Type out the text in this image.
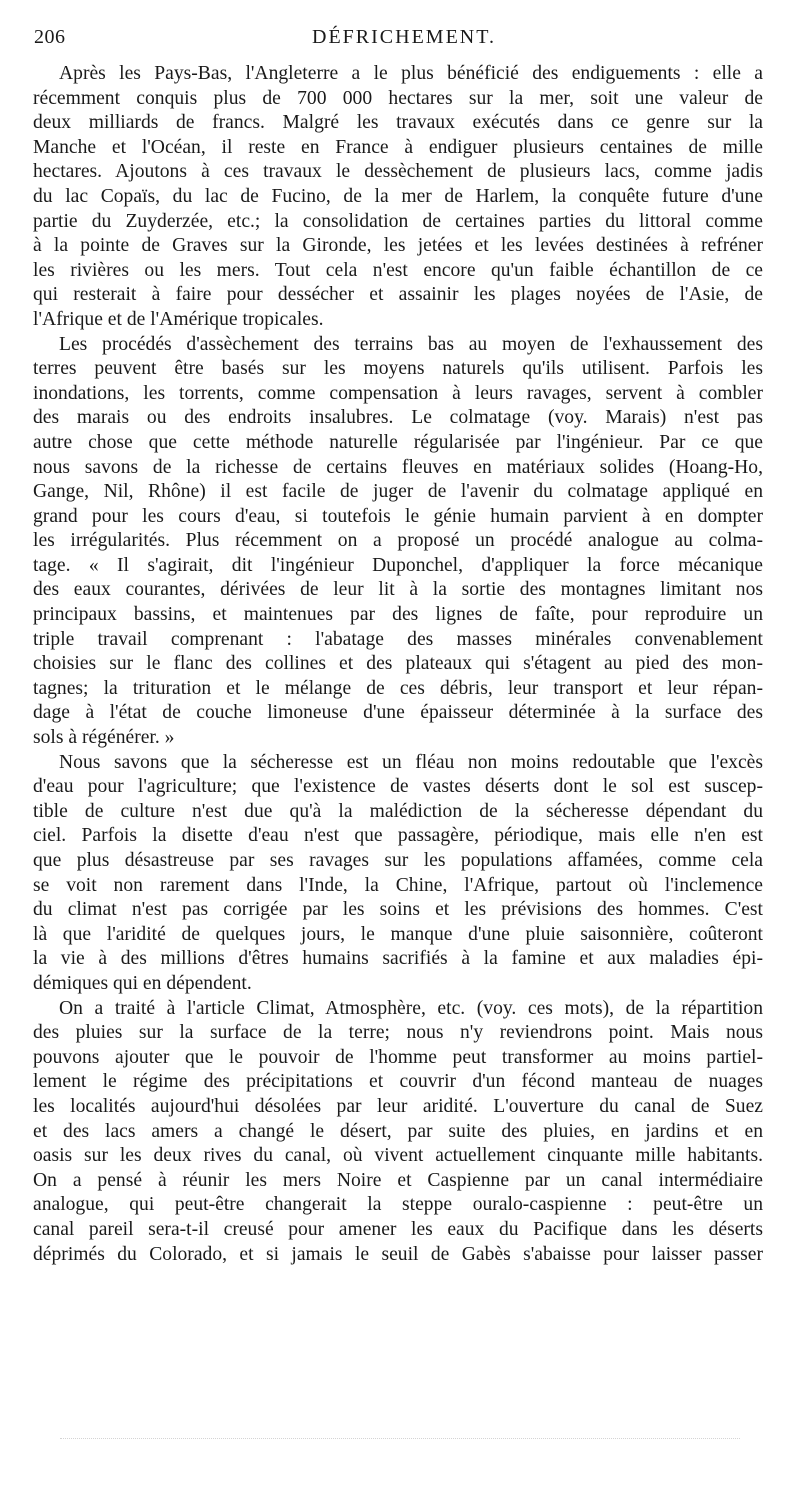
206	DÉFRICHEMENT.
Après les Pays-Bas, l'Angleterre a le plus bénéficié des endiguements : elle a
récemment conquis plus de 700 000 hectares sur la mer, soit une valeur de
deux milliards de francs. Malgré les travaux exécutés dans ce genre sur la
Manche et l'Océan, il reste en France à endiguer plusieurs centaines de mille
hectares. Ajoutons à ces travaux le dessèchement de plusieurs lacs, comme jadis
du lac Copaïs, du lac de Fucino, de la mer de Harlem, la conquête future d'une
partie du Zuyderzée, etc.; la consolidation de certaines parties du littoral comme
à la pointe de Graves sur la Gironde, les jetées et les levées destinées à refréner
les rivières ou les mers. Tout cela n'est encore qu'un faible échantillon de ce
qui resterait à faire pour dessécher et assainir les plages noyées de l'Asie, de
l'Afrique et de l'Amérique tropicales.
Les procédés d'assèchement des terrains bas au moyen de l'exhaussement des
terres peuvent être basés sur les moyens naturels qu'ils utilisent. Parfois les
inondations, les torrents, comme compensation à leurs ravages, servent à combler
des marais ou des endroits insalubres. Le colmatage (voy. Marais) n'est pas
autre chose que cette méthode naturelle régularisée par l'ingénieur. Par ce que
nous savons de la richesse de certains fleuves en matériaux solides (Hoang-Ho,
Gange, Nil, Rhône) il est facile de juger de l'avenir du colmatage appliqué en
grand pour les cours d'eau, si toutefois le génie humain parvient à en dompter
les irrégularités. Plus récemment on a proposé un procédé analogue au colma-
tage. « Il s'agirait, dit l'ingénieur Duponchel, d'appliquer la force mécanique
des eaux courantes, dérivées de leur lit à la sortie des montagnes limitant nos
principaux bassins, et maintenues par des lignes de faîte, pour reproduire un
triple travail comprenant : l'abatage des masses minérales convenablement
choisies sur le flanc des collines et des plateaux qui s'étagent au pied des mon-
tagnes; la trituration et le mélange de ces débris, leur transport et leur répan-
dage à l'état de couche limoneuse d'une épaisseur déterminée à la surface des
sols à régénérer. »
Nous savons que la sécheresse est un fléau non moins redoutable que l'excès
d'eau pour l'agriculture; que l'existence de vastes déserts dont le sol est suscep-
tible de culture n'est due qu'à la malédiction de la sécheresse dépendant du
ciel. Parfois la disette d'eau n'est que passagère, périodique, mais elle n'en est
que plus désastreuse par ses ravages sur les populations affamées, comme cela
se voit non rarement dans l'Inde, la Chine, l'Afrique, partout où l'inclemence
du climat n'est pas corrigée par les soins et les prévisions des hommes. C'est
là que l'aridité de quelques jours, le manque d'une pluie saisonnière, coûteront
la vie à des millions d'êtres humains sacrifiés à la famine et aux maladies épi-
démiques qui en dépendent.
On a traité à l'article Climat, Atmosphère, etc. (voy. ces mots), de la répartition
des pluies sur la surface de la terre; nous n'y reviendrons point. Mais nous
pouvons ajouter que le pouvoir de l'homme peut transformer au moins partiel-
lement le régime des précipitations et couvrir d'un fécond manteau de nuages
les localités aujourd'hui désolées par leur aridité. L'ouverture du canal de Suez
et des lacs amers a changé le désert, par suite des pluies, en jardins et en
oasis sur les deux rives du canal, où vivent actuellement cinquante mille habitants.
On a pensé à réunir les mers Noire et Caspienne par un canal intermédiaire
analogue, qui peut-être changerait la steppe ouralo-caspienne : peut-être un
canal pareil sera-t-il creusé pour amener les eaux du Pacifique dans les déserts
déprimés du Colorado, et si jamais le seuil de Gabès s'abaisse pour laisser passer
